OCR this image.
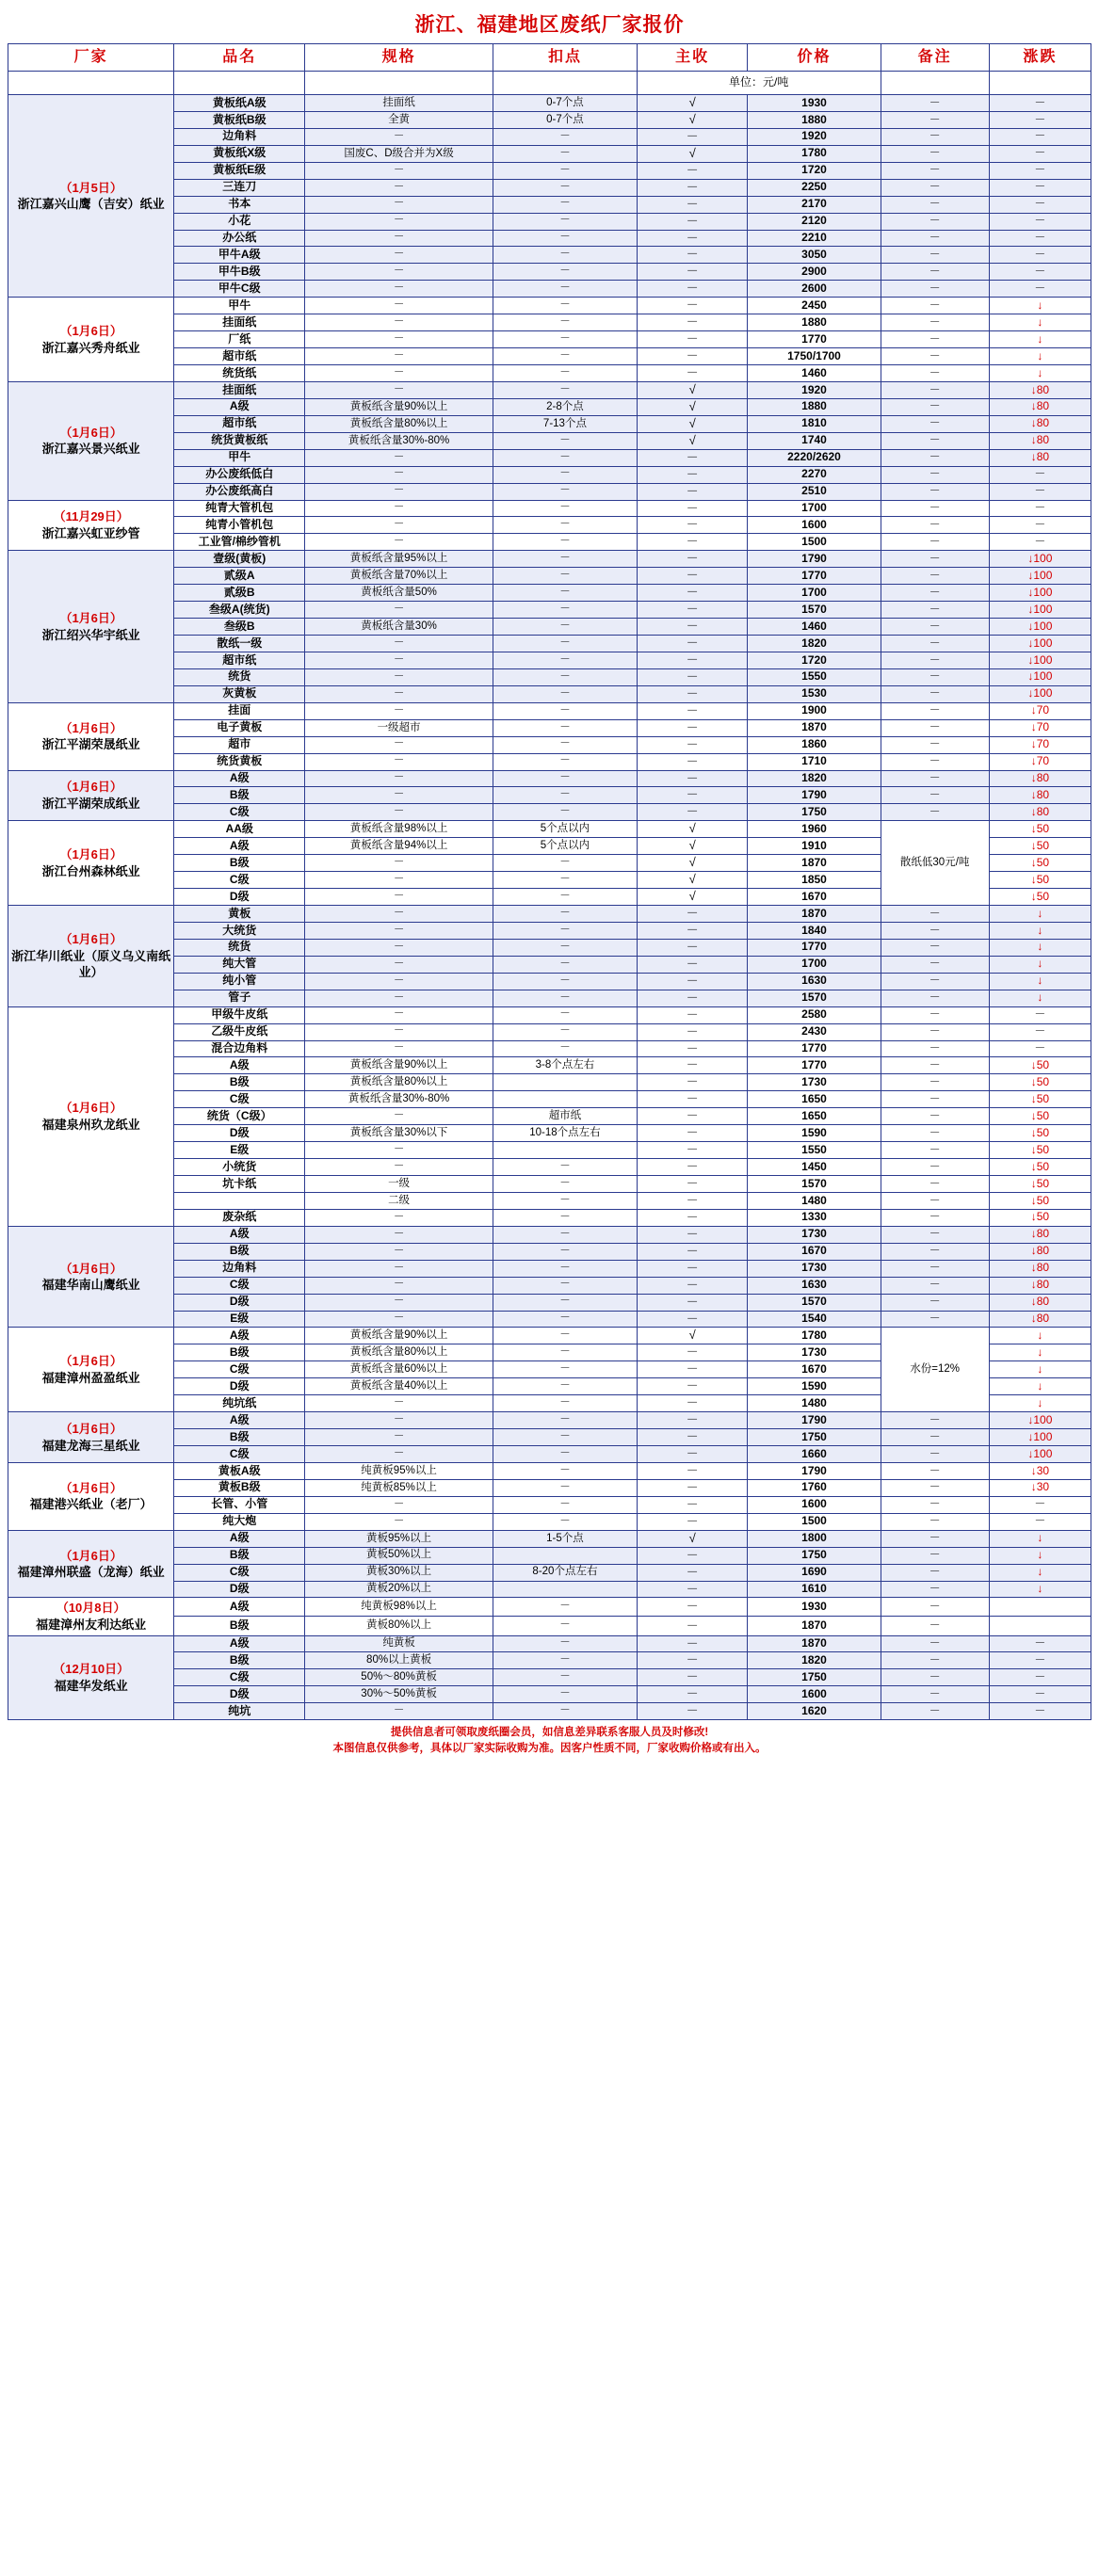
浙江、福建地区废纸厂家报价
厂家	品名	规格	扣点	主收	价格	备注	涨跌
				单位：元/吨			

（1月5日）
浙江嘉兴山鹰（吉安）纸业	黄板纸A级	挂面纸	0-7个点	√	1930	－	－
	黄板纸B级	全黄	0-7个点	√	1880	－	－
	边角料	－	－	－	1920	－	－
	黄板纸X级	国废C、D级合并为X级	－	√	1780	－	－
	黄板纸E级	－	－	－	1720	－	－
	三连刀	－	－	－	2250	－	－
	书本	－	－	－	2170	－	－
	小花	－	－	－	2120	－	－
	办公纸	－	－	－	2210	－	－
	甲牛A级	－	－	－	3050	－	－
	甲牛B级	－	－	－	2900	－	－
	甲牛C级	－	－	－	2600	－	－

（1月6日）
浙江嘉兴秀舟纸业	甲牛	－	－	－	2450	－	↓
	挂面纸	－	－	－	1880	－	↓
	厂纸	－	－	－	1770	－	↓
	超市纸	－	－	－	1750/1700	－	↓
	统货纸	－	－	－	1460	－	↓

（1月6日）
浙江嘉兴景兴纸业	挂面纸	－	－	√	1920	－	↓80
	A级	黄板纸含量90%以上	2-8个点	√	1880	－	↓80
	超市纸	黄板纸含量80%以上	7-13个点	√	1810	－	↓80
	统货黄板纸	黄板纸含量30%-80%	－	√	1740	－	↓80
	甲牛	－	－	－	2220/2620	－	↓80
	办公废纸低白	－	－	－	2270	－	－
	办公废纸高白	－	－	－	2510	－	－

（11月29日）
浙江嘉兴虹亚纱管	纯青大管机包	－	－	－	1700	－	－
	纯青小管机包	－	－	－	1600	－	－
	工业管/棉纱管机	－	－	－	1500	－	－

（1月6日）
浙江绍兴华宇纸业	壹级(黄板)	黄板纸含量95%以上	－	－	1790	－	↓100
	贰级A	黄板纸含量70%以上	－	－	1770	－	↓100
	贰级B	黄板纸含量50%	－	－	1700	－	↓100
	叁级A(统货)	－	－	－	1570	－	↓100
	叁级B	黄板纸含量30%	－	－	1460	－	↓100
	散纸一级	－	－	－	1820	－	↓100
	超市纸	－	－	－	1720	－	↓100
	统货	－	－	－	1550	－	↓100
	灰黄板	－	－	－	1530	－	↓100

（1月6日）
浙江平湖荣晟纸业	挂面	－	－	－	1900	－	↓70
	电子黄板	一级超市	－	－	1870	－	↓70
	超市	－	－	－	1860	－	↓70
	统货黄板	－	－	－	1710	－	↓70

（1月6日）
浙江平湖荣成纸业	A级	－	－	－	1820	－	↓80
	B级	－	－	－	1790	－	↓80
	C级	－	－	－	1750	－	↓80

（1月6日）
浙江台州森林纸业	AA级	黄板纸含量98%以上	5个点以内	√	1960	散纸低30元/吨	↓50
	A级	黄板纸含量94%以上	5个点以内	√	1910		↓50
	B级	－	－	√	1870		↓50
	C级	－	－	√	1850		↓50
	D级	－	－	√	1670		↓50

（1月6日）
浙江华川纸业（原义乌义南纸业）	黄板	－	－	－	1870	－	↓
	大统货	－	－	－	1840	－	↓
	统货	－	－	－	1770	－	↓
	纯大管	－	－	－	1700	－	↓
	纯小管	－	－	－	1630	－	↓
	管子	－	－	－	1570	－	↓

（1月6日）
福建泉州玖龙纸业	甲级牛皮纸	－	－	－	2580	－	－
	乙级牛皮纸	－	－	－	2430	－	－
	混合边角料	－	－	－	1770	－	－
	A级	黄板纸含量90%以上	3-8个点左右	－	1770	－	↓50
	B级	黄板纸含量80%以上		－	1730	－	↓50
	C级	黄板纸含量30%-80%		－	1650	－	↓50
	统货（C级）	－	超市纸	－	1650	－	↓50
	D级	黄板纸含量30%以下	10-18个点左右	－	1590	－	↓50
	E级	－		－	1550	－	↓50
	小统货	－	－	－	1450	－	↓50
	坑卡纸	一级	－	－	1570	－	↓50
		二级	－	－	1480	－	↓50
	废杂纸	－	－	－	1330	－	↓50

（1月6日）
福建华南山鹰纸业	A级	－	－	－	1730	－	↓80
	B级	－	－	－	1670	－	↓80
	边角料	－	－	－	1730	－	↓80
	C级	－	－	－	1630	－	↓80
	D级	－	－	－	1570	－	↓80
	E级	－	－	－	1540	－	↓80

（1月6日）
福建漳州盈盈纸业	A级	黄板纸含量90%以上	－	√	1780	水份=12%	↓
	B级	黄板纸含量80%以上	－	－	1730		↓
	C级	黄板纸含量60%以上	－	－	1670		↓
	D级	黄板纸含量40%以上	－	－	1590		↓
	纯坑纸	－	－	－	1480		↓

（1月6日）
福建龙海三星纸业	A级	－	－	－	1790	－	↓100
	B级	－	－	－	1750	－	↓100
	C级	－	－	－	1660	－	↓100

（1月6日）
福建港兴纸业（老厂）	黄板A级	纯黄板95%以上	－	－	1790	－	↓30
	黄板B级	纯黄板85%以上	－	－	1760	－	↓30
	长管、小管	－	－	－	1600	－	－
	纯大炮	－	－	－	1500	－	－

（1月6日）
福建漳州联盛（龙海）纸业	A级	黄板95%以上	1-5个点	√	1800	－	↓
	B级	黄板50%以上		－	1750	－	↓
	C级	黄板30%以上	8-20个点左右	－	1690	－	↓
	D级	黄板20%以上		－	1610	－	↓

（10月8日）
福建漳州友利达纸业	A级	纯黄板98%以上	－	－	1930	－	
	B级	黄板80%以上	－	－	1870	－	

（12月10日）
福建华发纸业	A级	纯黄板	－	－	1870	－	－
	B级	80%以上黄板	－	－	1820	－	－
	C级	50%～80%黄板	－	－	1750	－	－
	D级	30%～50%黄板	－	－	1600	－	－
	纯坑	－	－	－	1620	－	－
提供信息者可领取废纸圈会员，如信息差异联系客服人员及时修改!
本图信息仅供参考，具体以厂家实际收购为准。因客户性质不同，厂家收购价格或有出入。
